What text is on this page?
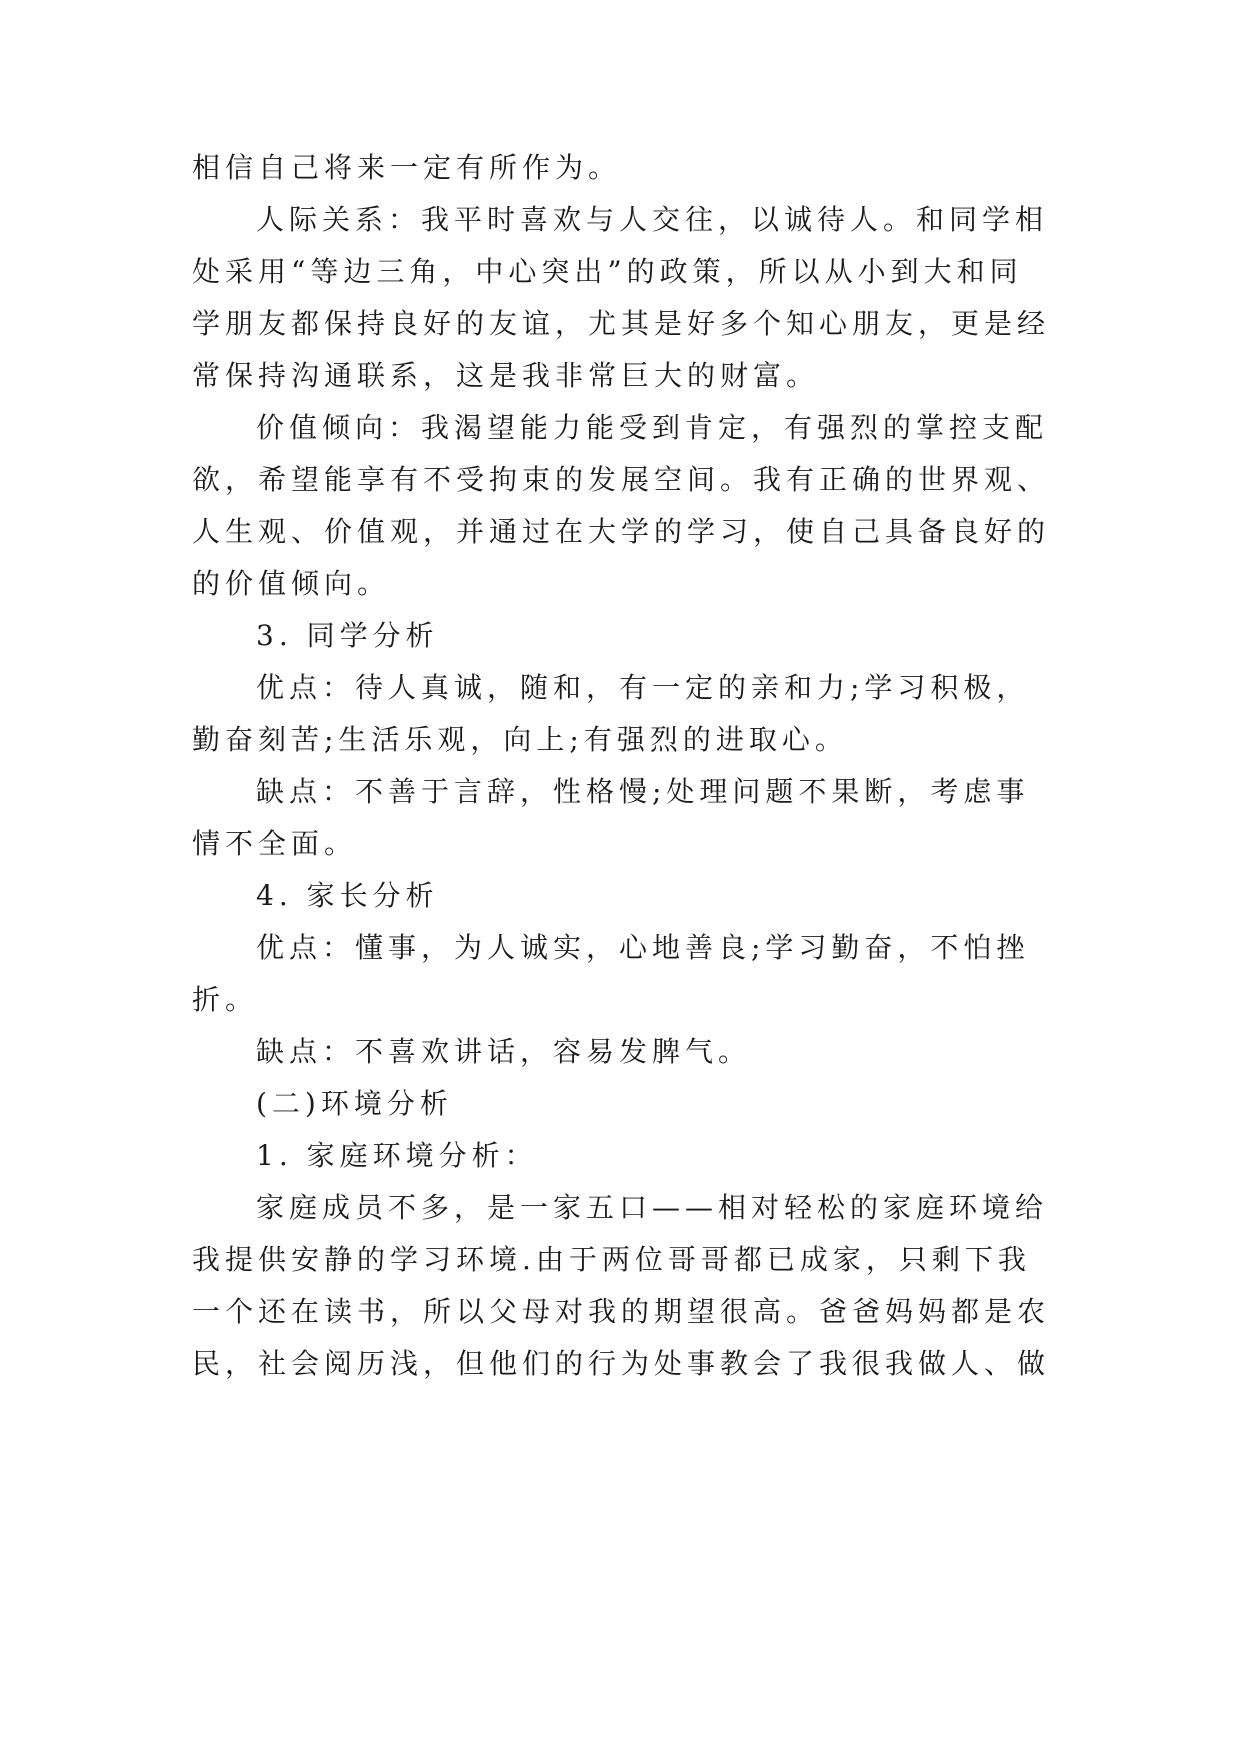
相信自己将来一定有所作为。
人际关系：我平时喜欢与人交往，以诚待人。和同学相
处采用“等边三角，中心突出”的政策，所以从小到大和同
学朋友都保持良好的友谊，尤其是好多个知心朋友，更是经
常保持沟通联系，这是我非常巨大的财富。
价值倾向：我渴望能力能受到肯定，有强烈的掌控支配
欲，希望能享有不受拘束的发展空间。我有正确的世界观、
人生观、价值观，并通过在大学的学习，使自己具备良好的
的价值倾向。
3. 同学分析
优点：待人真诚，随和，有一定的亲和力;学习积极，
勤奋刻苦;生活乐观，向上;有强烈的进取心。
缺点：不善于言辞，性格慢;处理问题不果断，考虑事
情不全面。
4. 家长分析
优点：懂事，为人诚实，心地善良;学习勤奋，不怕挫
折。
缺点：不喜欢讲话，容易发脾气。
(二)环境分析
1. 家庭环境分析：
家庭成员不多，是一家五口——相对轻松的家庭环境给
我提供安静的学习环境.由于两位哥哥都已成家，只剩下我
一个还在读书，所以父母对我的期望很高。爸爸妈妈都是农
民，社会阅历浅，但他们的行为处事教会了我很我做人、做
